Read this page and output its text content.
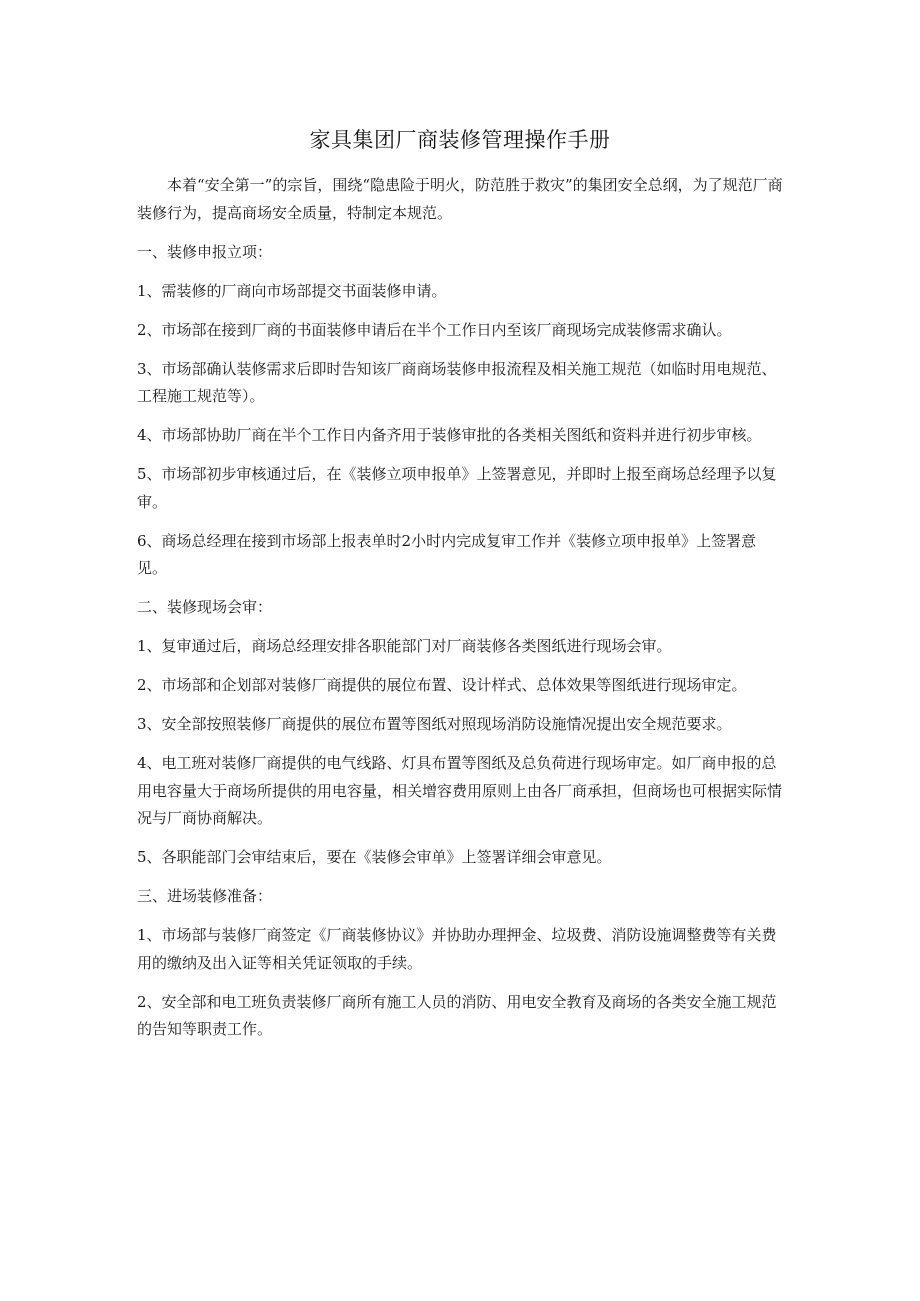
家具集团厂商装修管理操作手册

本着“安全第一”的宗旨，围绕“隐患险于明火，防范胜于救灾”的集团安全总纲，为了规范厂商装修行为，提高商场安全质量，特制定本规范。

一、装修申报立项：

1、需装修的厂商向市场部提交书面装修申请。

2、市场部在接到厂商的书面装修申请后在半个工作日内至该厂商现场完成装修需求确认。

3、市场部确认装修需求后即时告知该厂商商场装修申报流程及相关施工规范（如临时用电规范、工程施工规范等）。

4、市场部协助厂商在半个工作日内备齐用于装修审批的各类相关图纸和资料并进行初步审核。

5、市场部初步审核通过后，在《装修立项申报单》上签署意见，并即时上报至商场总经理予以复审。

6、商场总经理在接到市场部上报表单时2小时内完成复审工作并《装修立项申报单》上签署意见。

二、装修现场会审：

1、复审通过后，商场总经理安排各职能部门对厂商装修各类图纸进行现场会审。

2、市场部和企划部对装修厂商提供的展位布置、设计样式、总体效果等图纸进行现场审定。

3、安全部按照装修厂商提供的展位布置等图纸对照现场消防设施情况提出安全规范要求。

4、电工班对装修厂商提供的电气线路、灯具布置等图纸及总负荷进行现场审定。如厂商申报的总用电容量大于商场所提供的用电容量，相关增容费用原则上由各厂商承担，但商场也可根据实际情况与厂商协商解决。

5、各职能部门会审结束后，要在《装修会审单》上签署详细会审意见。

三、进场装修准备：

1、市场部与装修厂商签定《厂商装修协议》并协助办理押金、垃圾费、消防设施调整费等有关费用的缴纳及出入证等相关凭证领取的手续。

2、安全部和电工班负责装修厂商所有施工人员的消防、用电安全教育及商场的各类安全施工规范的告知等职责工作。
